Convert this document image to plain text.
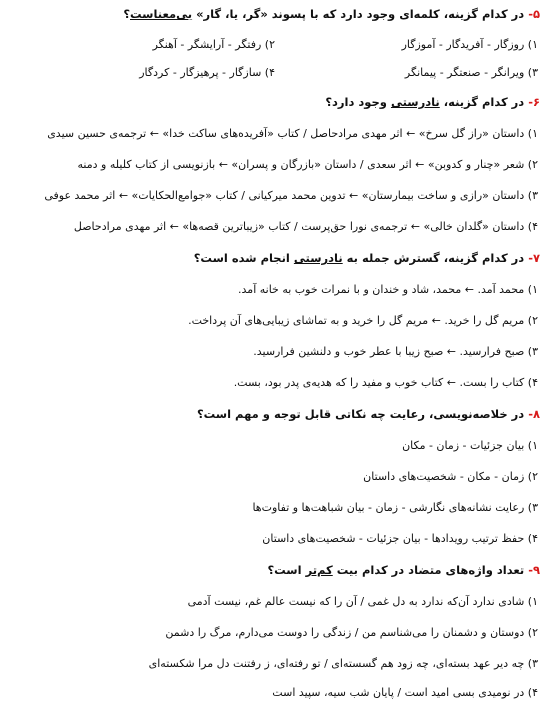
۵-در کدام گزینه، کلمه‌ای وجود دارد که با پسوند «گر، یا، گار» بی‌معناست؟
۱) روزگار - آفریدگار - آموزگار
۲) رفتگر - آرایشگر - آهنگر
۳) ویرانگر - صنعتگر - پیمانگر
۴) سازگار - پرهیزگار - کردگار
۶-در کدام گزینه، نادرستی وجود دارد؟
۱) داستان «راز گل سرخ» ← اثر مهدی مرادحاصل / کتاب «آفریده‌های ساکت خدا» ← ترجمه‌ی حسین سیدی
۲) شعر «چنار و کدوبن» ← اثر سعدی / داستان «بازرگان و پسران» ← بازنویسی از کتاب کلیله و دمنه
۳) داستان «رازی و ساخت بیمارستان» ← تدوین محمد میرکیانی / کتاب «جوامع‌الحکایات» ← اثر محمد عوفی
۴) داستان «گلدان خالی» ← ترجمه‌ی نورا حق‌پرست / کتاب «زیباترین قصه‌ها» ← اثر مهدی مرادحاصل
۷-در کدام گزینه، گسترش جمله به نادرستی انجام شده است؟
۱) محمد آمد. ← محمد، شاد و خندان و با نمرات خوب به خانه آمد.
۲) مریم گل را خرید. ← مریم گل را خرید و به تماشای زیبایی‌های آن پرداخت.
۳) صبح فرارسید. ← صبح زیبا با عطر خوب و دلنشین فرارسید.
۴) کتاب را بست. ← کتاب خوب و مفید را که هدیه‌ی پدر بود، بست.
۸-در خلاصه‌نویسی، رعایت چه نکاتی قابل توجه و مهم است؟
۱) بیان جزئیات - زمان - مکان
۲) زمان - مکان - شخصیت‌های داستان
۳) رعایت نشانه‌های نگارشی - زمان - بیان شباهت‌ها و تفاوت‌ها
۴) حفظ ترتیب رویدادها - بیان جزئیات - شخصیت‌های داستان
۹-تعداد واژه‌های متضاد در کدام بیت کم‌تر است؟
۱) شادی ندارد آن‌که ندارد به دل غمی / آن را که نیست عالم غم، نیست آدمی
۲) دوستان و دشمنان را می‌شناسم من / زندگی را دوست می‌دارم، مرگ را دشمن
۳) چه دیر عهد بسته‌ای، چه زود هم گسسته‌ای / تو رفته‌ای، ز رفتنت دل مرا شکسته‌ای
۴) در نومیدی بسی امید است / پایان شب سیه، سپید است
